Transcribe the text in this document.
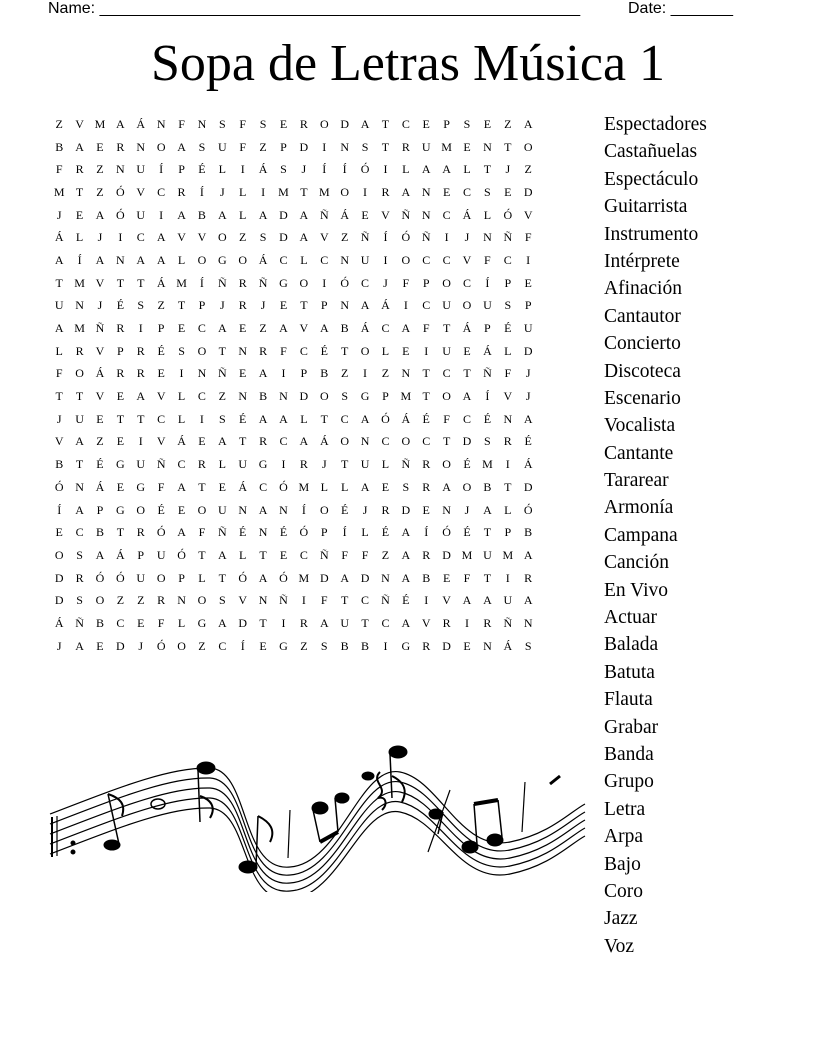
Name: ______________________________________________________	Date: _______
Sopa de Letras Música 1
Z	V M A Á N	F	N	S	F	S	E	R	O D A	T	C	E	P	S	E	Z	A
B	A	E	R	N O A	S	U	F	Z	P	D	I	N	S	T	R	U M E	N	T	O
F	R	Z	N U	Í	P	É	L	I	Á	S	J	Í	Í	Ó	I	L	A A	L	T	J	Z
M T	Z	Ó V	C	R	Í	J	L	I	M T M O	I	R	A N	E	C	S	E	D
J	E	A Ó U	I	A	B	A	L	A D A Ñ Á	E	V Ñ N	C	Á	L	Ó V
Á	L	J	I	C	A V V O	Z	S	D A V	Z	Ñ	Í	Ó Ñ	I	J	N Ñ	F
A	Í	A N A A	L	O G O Á	C	L	C	N U	I	O	C	C	V	F	C	I
T M V	T	T	Á M	Í	Ñ	R	Ñ G O	I	Ó	C	J	F	P	O	C	Í	P	E
U N	J	É	S	Z	T	P	J	R	J	E	T	P	N A Á	I	C	U O U	S	P
A M Ñ	R	I	P	E	C	A	E	Z	A V A	B	Á	C	A	F	T	Á	P	É	U
L	R	V	P	R	É	S	O	T	N	R	F	C	É	T	O	L	E	I	U	E	Á	L	D
F	O Á	R	R	E	I	N Ñ	E	A	I	P	B	Z	I	Z	N	T	C	T	Ñ	F	J
T	T	V	E	A V	L	C	Z	N	B	N D O	S	G	P M T	O A	Í	V	J
J	U	E	T	T	C	L	I	S	É	A A	L	T	C	A Ó Á	É	F	C	É	N A
V A	Z	E	I	V Á	E	A	T	R	C	A Á O N	C	O	C	T	D	S	R	É
B	T	É	G U Ñ	C	R	L	U G	I	R	J	T	U	L	Ñ	R	O	É M	I	Á
Ó N Á	E	G	F	A	T	E	Á	C	Ó M L	L	A	E	S	R	A O	B	T	D
Í	A	P	G O	É	E	O U N A N	Í	O	É	J	R	D	E	N	J	A	L	Ó
E	C	B	T	R	Ó A	F	Ñ	É	N	É	Ó	P	Í	L	É	A	Í	Ó	É	T	P	B
O	S	A Á	P	U Ó	T	A	L	T	E	C	Ñ	F	F	Z	A	R	D M U M A
D	R	Ó Ó U O	P	L	T	Ó A Ó M D A D N A	B	E	F	T	I	R
D	S	O	Z	Z	R	N O	S	V N Ñ	I	F	T	C	Ñ	É	I	V A A U A
Á Ñ	B	C	E	F	L	G A D	T	I	R	A U	T	C	A V	R	I	R	Ñ N
J	A	E	D	J	Ó O	Z	C	Í	E	G	Z	S	B	B	I	G	R	D	E	N Á	S
Espectadores
Castañuelas
Espectáculo
Guitarrista
Instrumento
Intérprete
Afinación
Cantautor
Concierto
Discoteca
Escenario
Vocalista
Cantante
Tararear
Armonía
Campana
Canción
En Vivo
Actuar
Balada
Batuta
Flauta
Grabar
Banda
Grupo
Letra
Arpa
Bajo
Coro
Jazz
Voz
